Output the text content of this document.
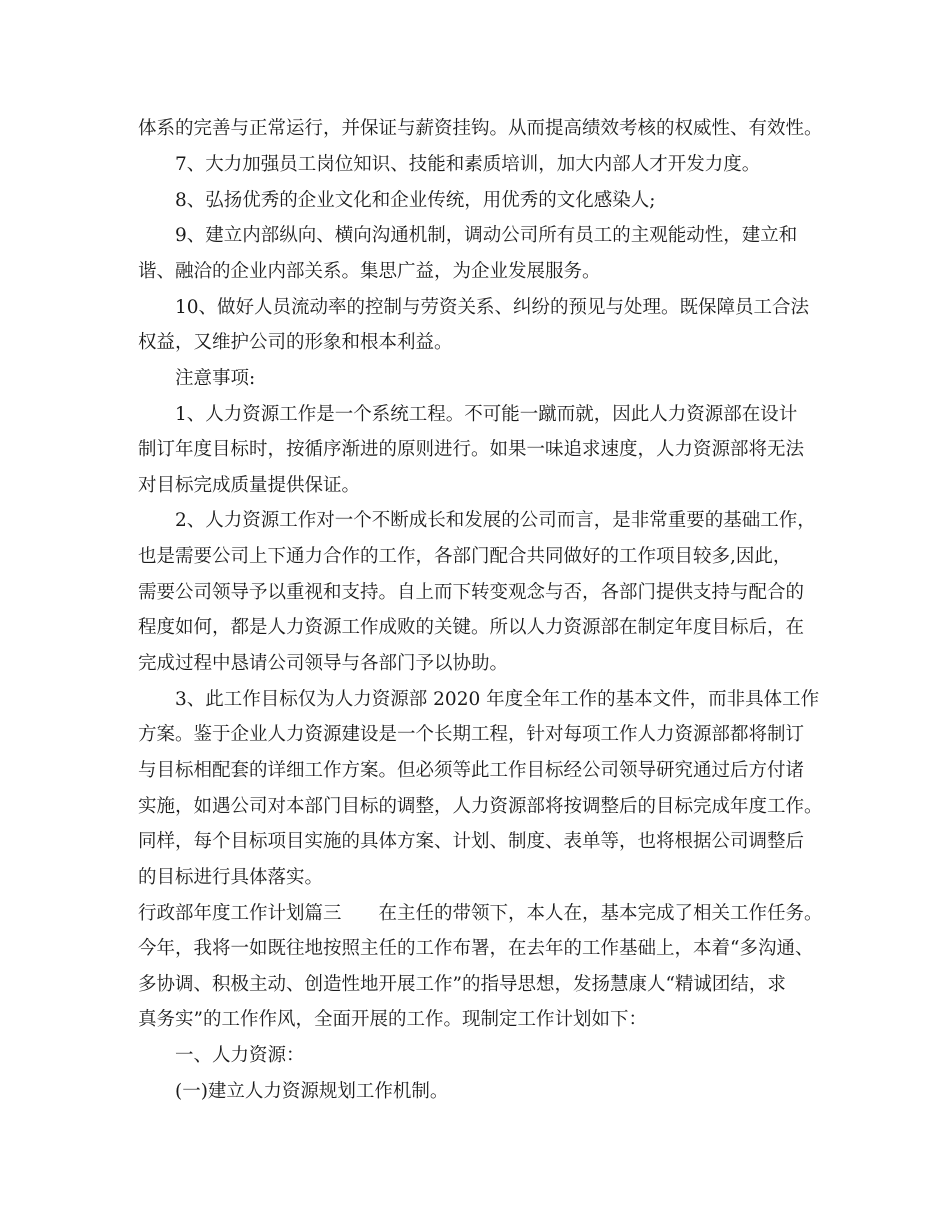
体系的完善与正常运行，并保证与薪资挂钩。从而提高绩效考核的权威性、有效性。
7、大力加强员工岗位知识、技能和素质培训，加大内部人才开发力度。
8、弘扬优秀的企业文化和企业传统，用优秀的文化感染人;
9、建立内部纵向、横向沟通机制，调动公司所有员工的主观能动性，建立和
谐、融洽的企业内部关系。集思广益，为企业发展服务。
10、做好人员流动率的控制与劳资关系、纠纷的预见与处理。既保障员工合法
权益，又维护公司的形象和根本利益。
注意事项:
1、人力资源工作是一个系统工程。不可能一蹴而就，因此人力资源部在设计
制订年度目标时，按循序渐进的原则进行。如果一味追求速度，人力资源部将无法
对目标完成质量提供保证。
2、人力资源工作对一个不断成长和发展的公司而言，是非常重要的基础工作，
也是需要公司上下通力合作的工作，各部门配合共同做好的工作项目较多,因此，
需要公司领导予以重视和支持。自上而下转变观念与否，各部门提供支持与配合的
程度如何，都是人力资源工作成败的关键。所以人力资源部在制定年度目标后，在
完成过程中恳请公司领导与各部门予以协助。
3、此工作目标仅为人力资源部 2020 年度全年工作的基本文件，而非具体工作
方案。鉴于企业人力资源建设是一个长期工程，针对每项工作人力资源部都将制订
与目标相配套的详细工作方案。但必须等此工作目标经公司领导研究通过后方付诸
实施，如遇公司对本部门目标的调整，人力资源部将按调整后的目标完成年度工作。
同样，每个目标项目实施的具体方案、计划、制度、表单等，也将根据公司调整后
的目标进行具体落实。
行政部年度工作计划篇三　　在主任的带领下，本人在，基本完成了相关工作任务。
今年，我将一如既往地按照主任的工作布署，在去年的工作基础上，本着“多沟通、
多协调、积极主动、创造性地开展工作”的指导思想，发扬慧康人“精诚团结，求
真务实”的工作作风，全面开展的工作。现制定工作计划如下：
一、人力资源：
(一)建立人力资源规划工作机制。
